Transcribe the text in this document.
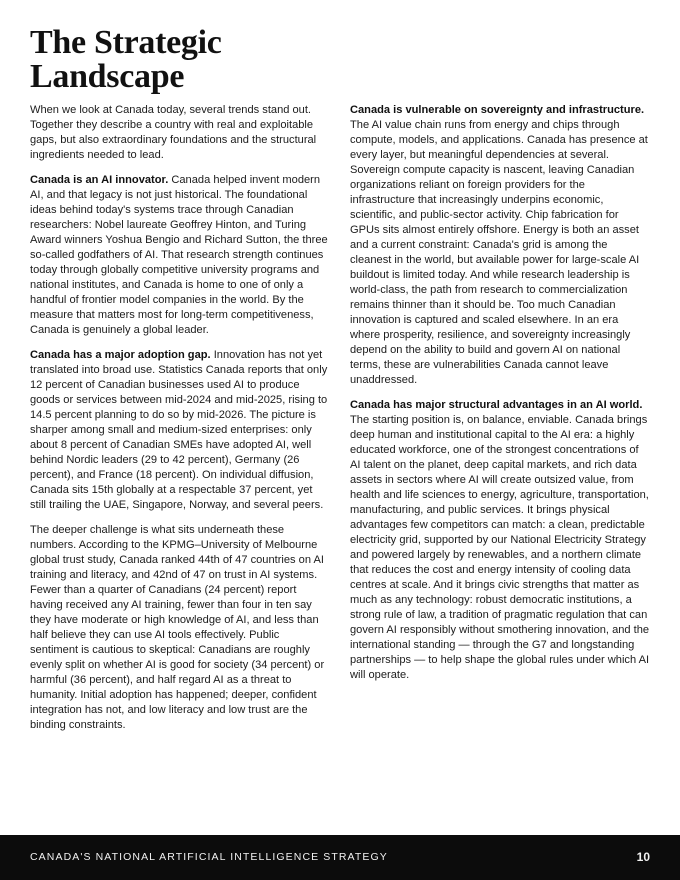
The Strategic
Landscape

When we look at Canada today, several trends stand out. Together they describe a country with real and exploitable gaps, but also extraordinary foundations and the structural ingredients needed to lead.

Canada is an AI innovator. Canada helped invent modern AI, and that legacy is not just historical. The foundational ideas behind today's systems trace through Canadian researchers: Nobel laureate Geoffrey Hinton, and Turing Award winners Yoshua Bengio and Richard Sutton, the three so-called godfathers of AI. That research strength continues today through globally competitive university programs and national institutes, and Canada is home to one of only a handful of frontier model companies in the world. By the measure that matters most for long-term competitiveness, Canada is genuinely a global leader.

Canada has a major adoption gap. Innovation has not yet translated into broad use. Statistics Canada reports that only 12 percent of Canadian businesses used AI to produce goods or services between mid-2024 and mid-2025, rising to 14.5 percent planning to do so by mid-2026. The picture is sharper among small and medium-sized enterprises: only about 8 percent of Canadian SMEs have adopted AI, well behind Nordic leaders (29 to 42 percent), Germany (26 percent), and France (18 percent). On individual diffusion, Canada sits 15th globally at a respectable 37 percent, yet still trailing the UAE, Singapore, Norway, and several peers.

The deeper challenge is what sits underneath these numbers. According to the KPMG–University of Melbourne global trust study, Canada ranked 44th of 47 countries on AI training and literacy, and 42nd of 47 on trust in AI systems. Fewer than a quarter of Canadians (24 percent) report having received any AI training, fewer than four in ten say they have moderate or high knowledge of AI, and less than half believe they can use AI tools effectively. Public sentiment is cautious to skeptical: Canadians are roughly evenly split on whether AI is good for society (34 percent) or harmful (36 percent), and half regard AI as a threat to humanity. Initial adoption has happened; deeper, confident integration has not, and low literacy and low trust are the binding constraints.

Canada is vulnerable on sovereignty and infrastructure. The AI value chain runs from energy and chips through compute, models, and applications. Canada has presence at every layer, but meaningful dependencies at several. Sovereign compute capacity is nascent, leaving Canadian organizations reliant on foreign providers for the infrastructure that increasingly underpins economic, scientific, and public-sector activity. Chip fabrication for GPUs sits almost entirely offshore. Energy is both an asset and a current constraint: Canada's grid is among the cleanest in the world, but available power for large-scale AI buildout is limited today. And while research leadership is world-class, the path from research to commercialization remains thinner than it should be. Too much Canadian innovation is captured and scaled elsewhere. In an era where prosperity, resilience, and sovereignty increasingly depend on the ability to build and govern AI on national terms, these are vulnerabilities Canada cannot leave unaddressed.

Canada has major structural advantages in an AI world. The starting position is, on balance, enviable. Canada brings deep human and institutional capital to the AI era: a highly educated workforce, one of the strongest concentrations of AI talent on the planet, deep capital markets, and rich data assets in sectors where AI will create outsized value, from health and life sciences to energy, agriculture, transportation, manufacturing, and public services. It brings physical advantages few competitors can match: a clean, predictable electricity grid, supported by our National Electricity Strategy and powered largely by renewables, and a northern climate that reduces the cost and energy intensity of cooling data centres at scale. And it brings civic strengths that matter as much as any technology: robust democratic institutions, a strong rule of law, a tradition of pragmatic regulation that can govern AI responsibly without smothering innovation, and the international standing — through the G7 and longstanding partnerships — to help shape the global rules under which AI will operate.

CANADA'S NATIONAL ARTIFICIAL INTELLIGENCE STRATEGY	10
